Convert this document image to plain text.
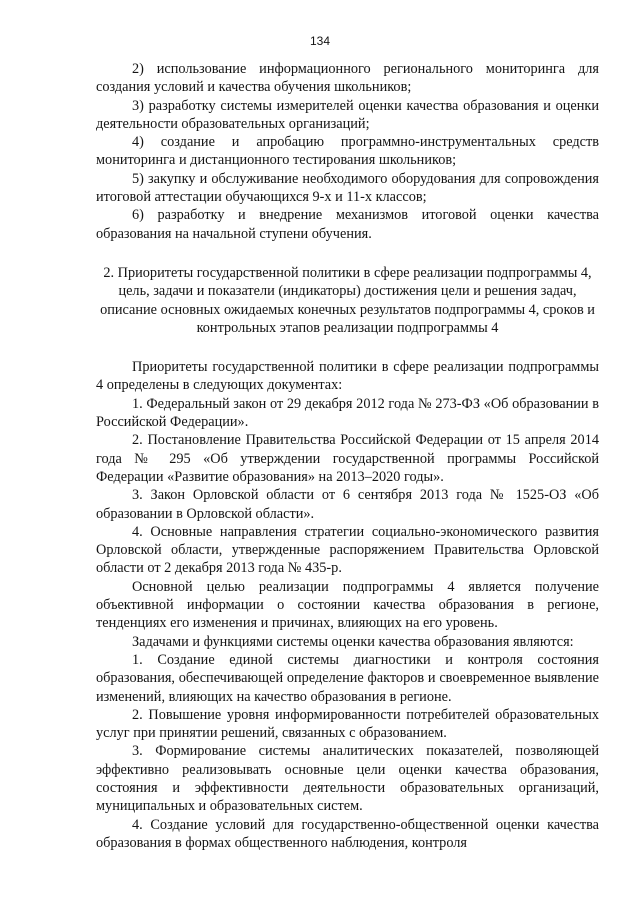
134

2) использование информационного регионального мониторинга для создания условий и качества обучения школьников;

3) разработку системы измерителей оценки качества образования и оценки деятельности образовательных организаций;

4) создание и апробацию программно-инструментальных средств мониторинга и дистанционного тестирования школьников;

5) закупку и обслуживание необходимого оборудования для сопровождения итоговой аттестации обучающихся 9-х и 11-х классов;

6) разработку и внедрение механизмов итоговой оценки качества образования на начальной ступени обучения.

2. Приоритеты государственной политики в сфере реализации подпрограммы 4, цель, задачи и показатели (индикаторы) достижения цели и решения задач, описание основных ожидаемых конечных результатов подпрограммы 4, сроков и контрольных этапов реализации подпрограммы 4

Приоритеты государственной политики в сфере реализации подпрограммы 4 определены в следующих документах:

1. Федеральный закон от 29 декабря 2012 года № 273-ФЗ «Об образовании в Российской Федерации».

2. Постановление Правительства Российской Федерации от 15 апреля 2014 года № 295 «Об утверждении государственной программы Российской Федерации «Развитие образования» на 2013–2020 годы».

3. Закон Орловской области от 6 сентября 2013 года № 1525-ОЗ «Об образовании в Орловской области».

4. Основные направления стратегии социально-экономического развития Орловской области, утвержденные распоряжением Правительства Орловской области от 2 декабря 2013 года № 435-р.

Основной целью реализации подпрограммы 4 является получение объективной информации о состоянии качества образования в регионе, тенденциях его изменения и причинах, влияющих на его уровень.

Задачами и функциями системы оценки качества образования являются:

1. Создание единой системы диагностики и контроля состояния образования, обеспечивающей определение факторов и своевременное выявление изменений, влияющих на качество образования в регионе.

2. Повышение уровня информированности потребителей образовательных услуг при принятии решений, связанных с образованием.

3. Формирование системы аналитических показателей, позволяющей эффективно реализовывать основные цели оценки качества образования, состояния и эффективности деятельности образовательных организаций, муниципальных и образовательных систем.

4. Создание условий для государственно-общественной оценки качества образования в формах общественного наблюдения, контроля
